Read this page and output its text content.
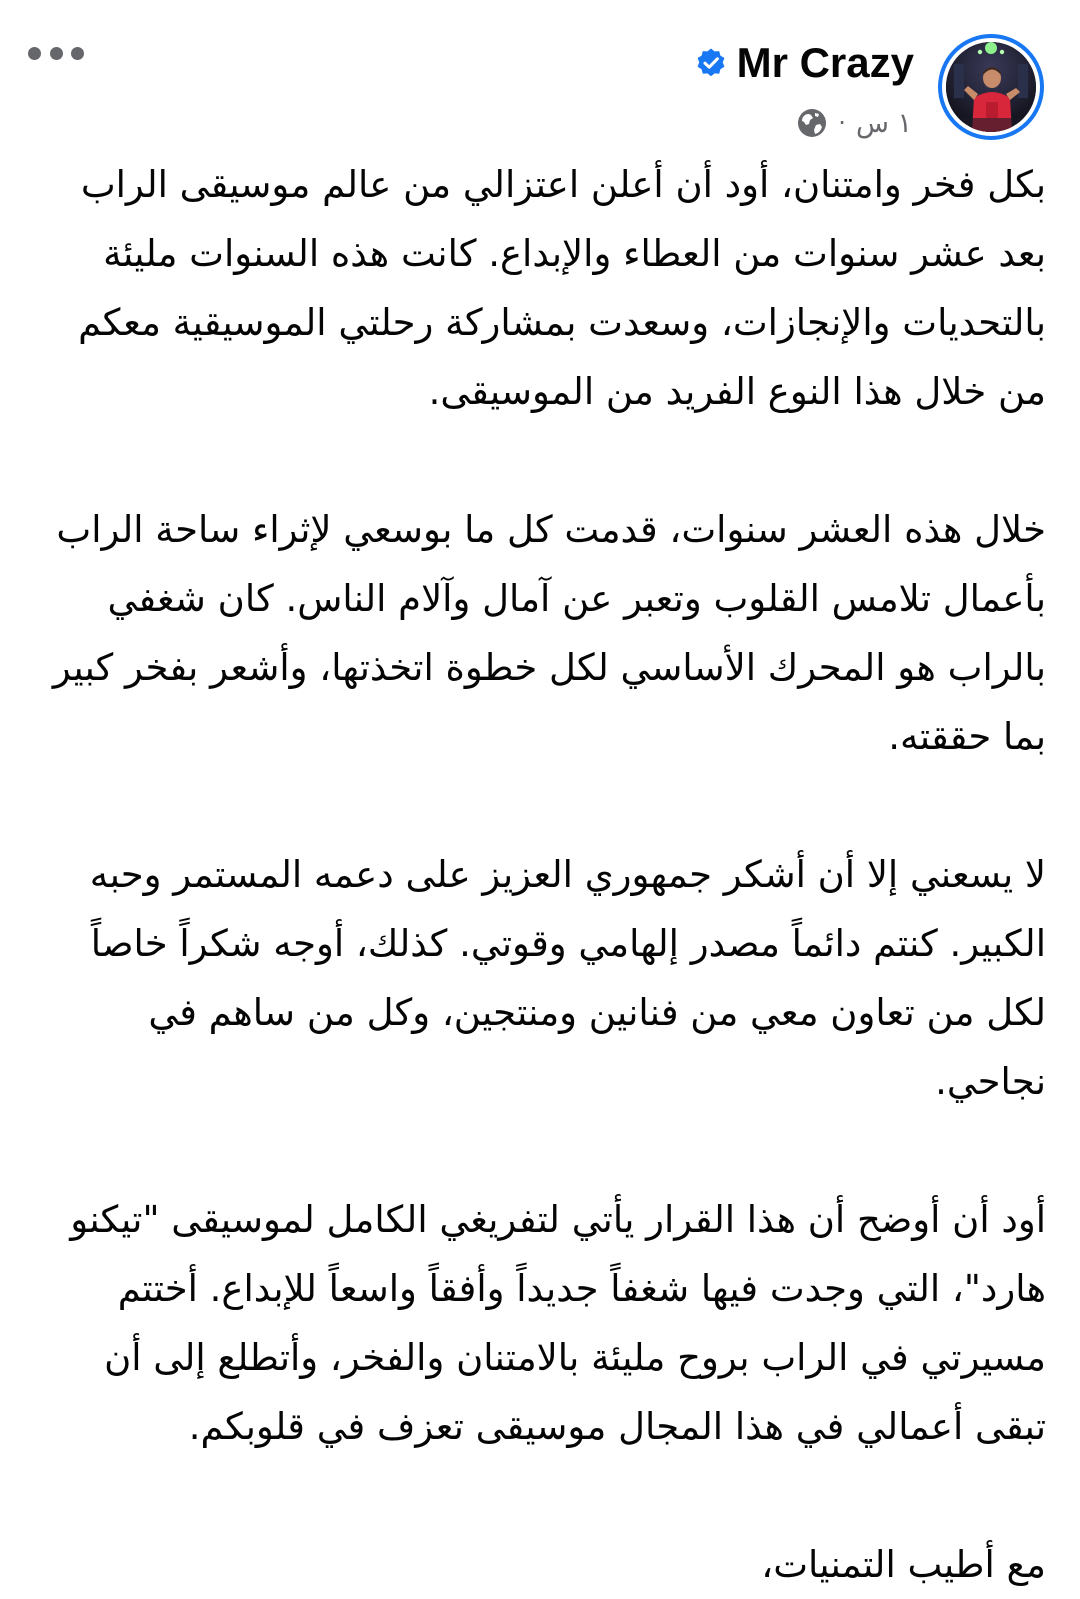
Mr Crazy
١ س
·

بكل فخر وامتنان، أود أن أعلن اعتزالي من عالم موسيقى الراب بعد عشر سنوات من العطاء والإبداع. كانت هذه السنوات مليئة بالتحديات والإنجازات، وسعدت بمشاركة رحلتي الموسيقية معكم من خلال هذا النوع الفريد من الموسيقى.

خلال هذه العشر سنوات، قدمت كل ما بوسعي لإثراء ساحة الراب بأعمال تلامس القلوب وتعبر عن آمال وآلام الناس. كان شغفي بالراب هو المحرك الأساسي لكل خطوة اتخذتها، وأشعر بفخر كبير بما حققته.

لا يسعني إلا أن أشكر جمهوري العزيز على دعمه المستمر وحبه الكبير. كنتم دائماً مصدر إلهامي وقوتي. كذلك، أوجه شكراً خاصاً لكل من تعاون معي من فنانين ومنتجين، وكل من ساهم في نجاحي.

أود أن أوضح أن هذا القرار يأتي لتفريغي الكامل لموسيقى "تيكنو هارد"، التي وجدت فيها شغفاً جديداً وأفقاً واسعاً للإبداع. أختتم مسيرتي في الراب بروح مليئة بالامتنان والفخر، وأتطلع إلى أن تبقى أعمالي في هذا المجال موسيقى تعزف في قلوبكم.

مع أطيب التمنيات،
